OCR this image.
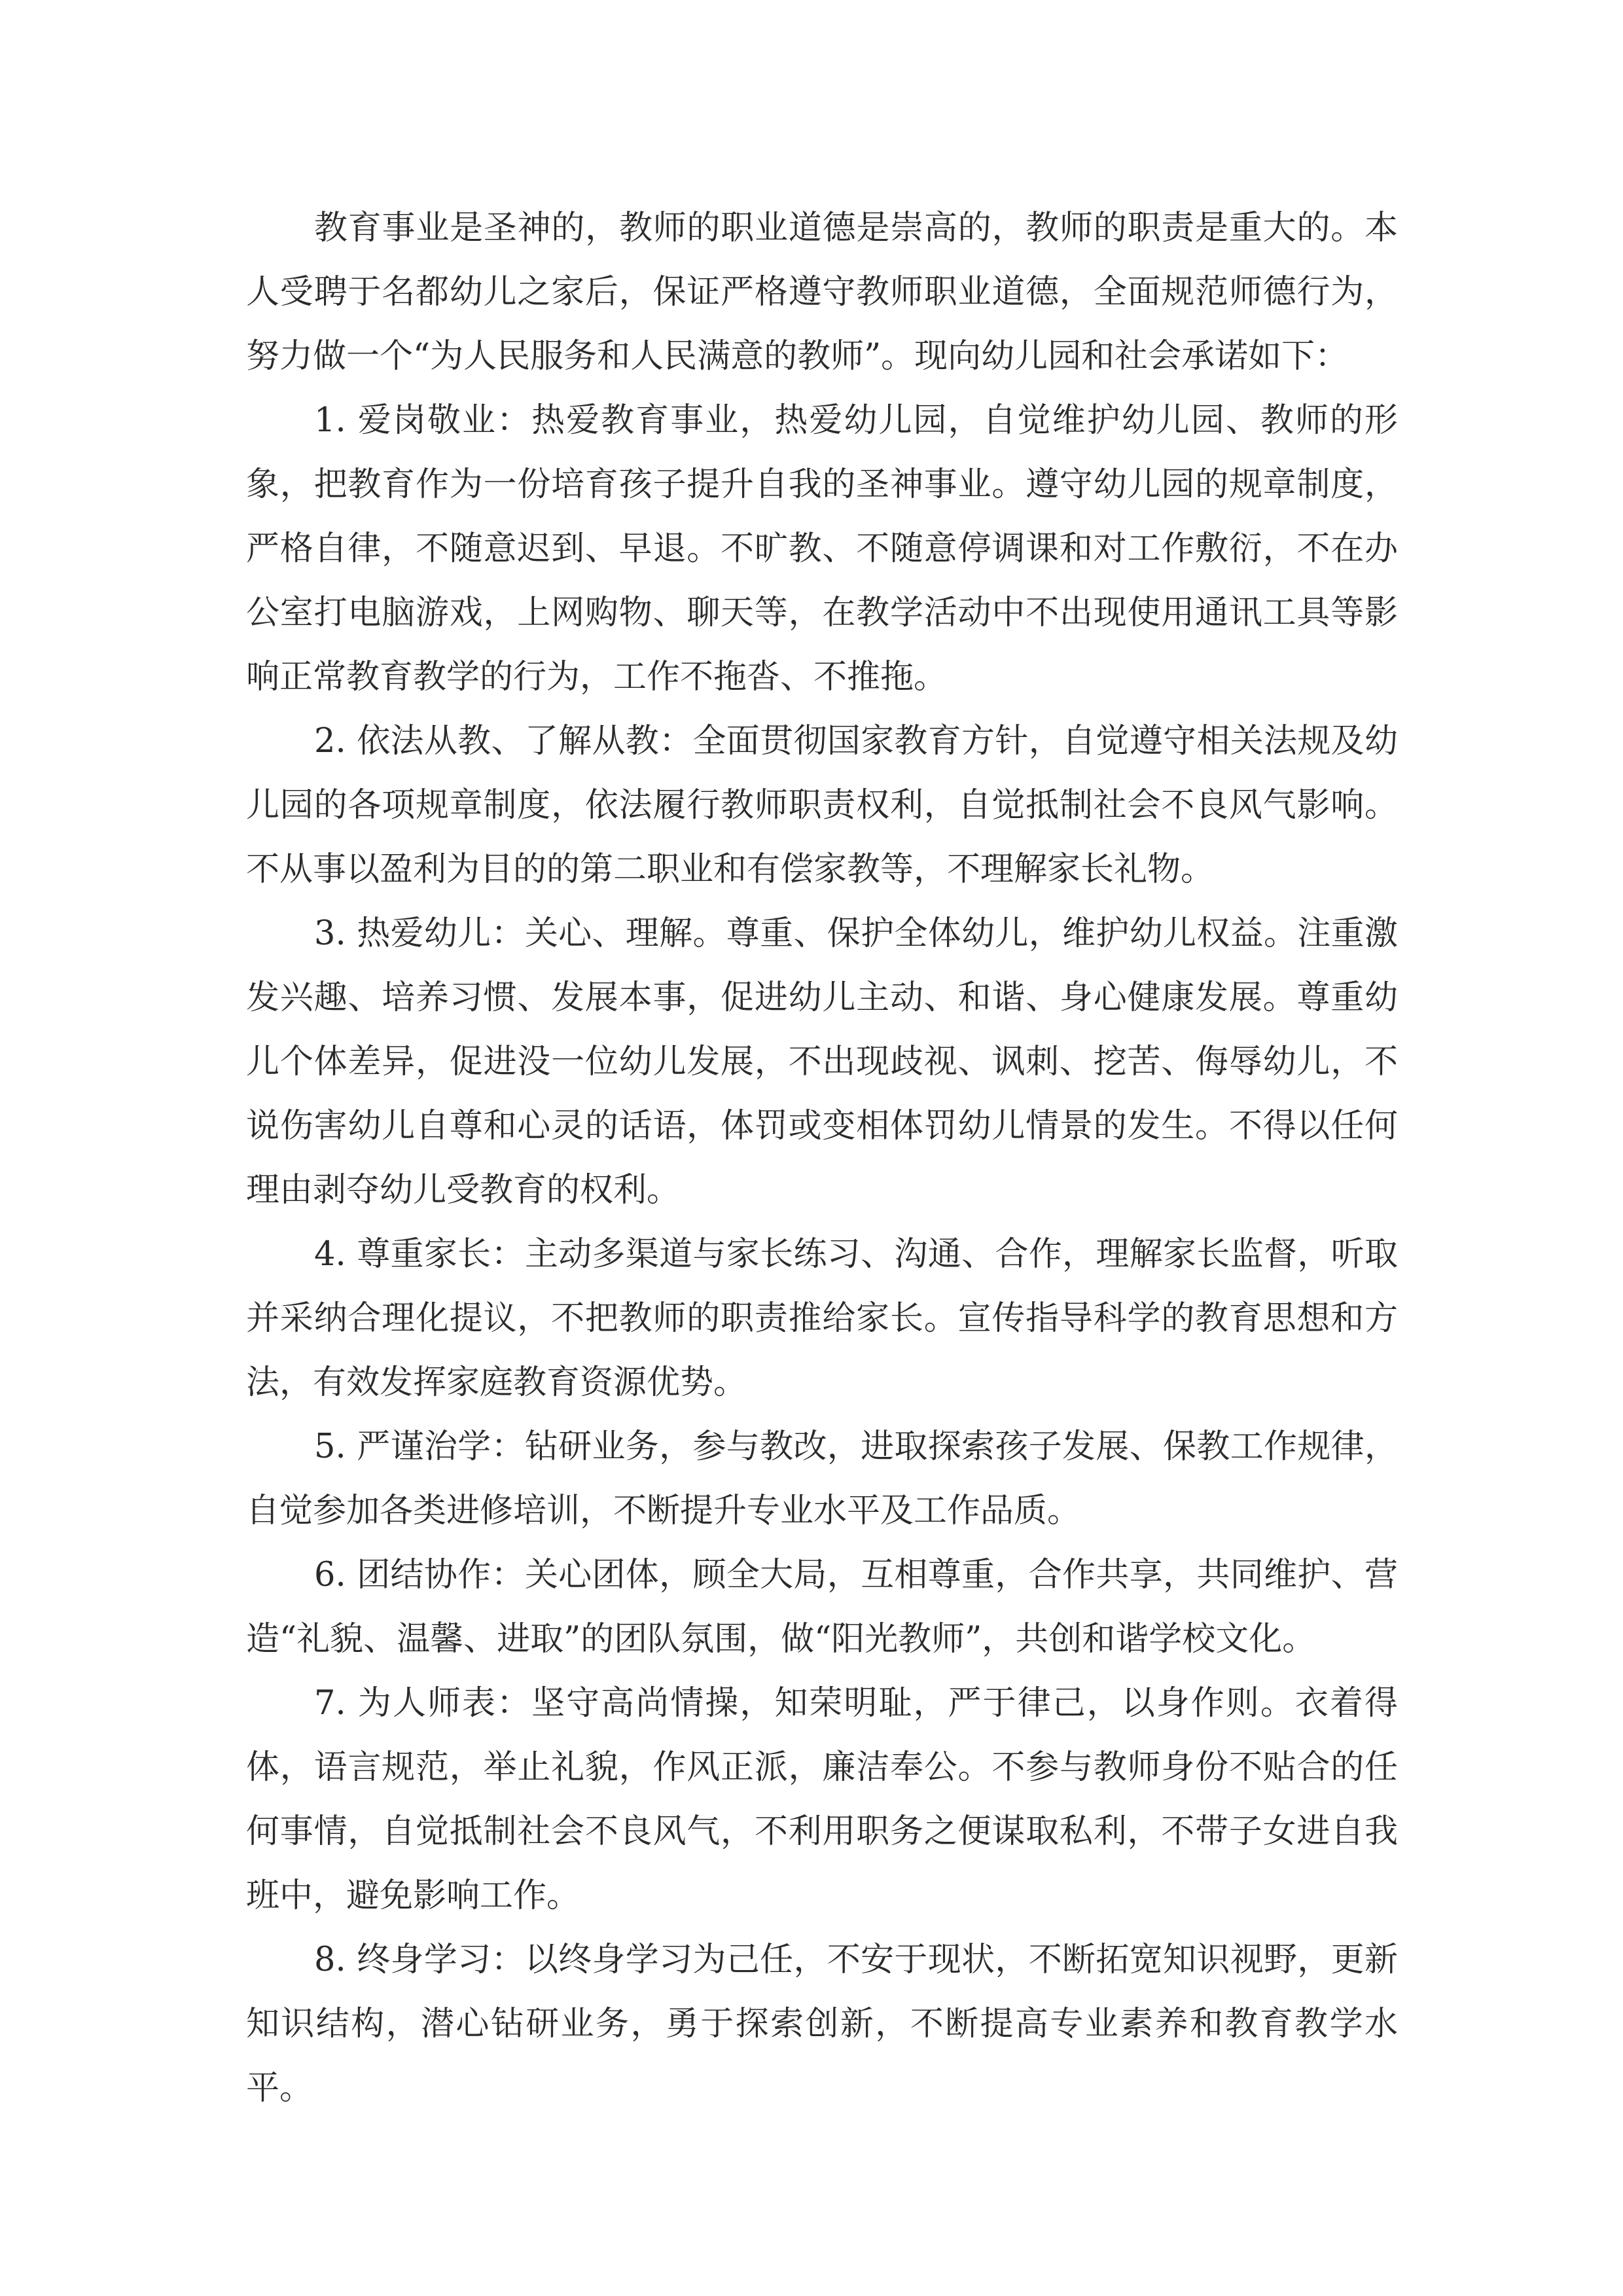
教育事业是圣神的，教师的职业道德是崇高的，教师的职责是重大的。本人受聘于名都幼儿之家后，保证严格遵守教师职业道德，全面规范师德行为，努力做一个“为人民服务和人民满意的教师”。现向幼儿园和社会承诺如下：

1. 爱岗敬业：热爱教育事业，热爱幼儿园，自觉维护幼儿园、教师的形象，把教育作为一份培育孩子提升自我的圣神事业。遵守幼儿园的规章制度，严格自律，不随意迟到、早退。不旷教、不随意停调课和对工作敷衍，不在办公室打电脑游戏，上网购物、聊天等，在教学活动中不出现使用通讯工具等影响正常教育教学的行为，工作不拖沓、不推拖。

2. 依法从教、了解从教：全面贯彻国家教育方针，自觉遵守相关法规及幼儿园的各项规章制度，依法履行教师职责权利，自觉抵制社会不良风气影响。不从事以盈利为目的的第二职业和有偿家教等，不理解家长礼物。

3. 热爱幼儿：关心、理解。尊重、保护全体幼儿，维护幼儿权益。注重激发兴趣、培养习惯、发展本事，促进幼儿主动、和谐、身心健康发展。尊重幼儿个体差异，促进没一位幼儿发展，不出现歧视、讽刺、挖苦、侮辱幼儿，不说伤害幼儿自尊和心灵的话语，体罚或变相体罚幼儿情景的发生。不得以任何理由剥夺幼儿受教育的权利。

4. 尊重家长：主动多渠道与家长练习、沟通、合作，理解家长监督，听取并采纳合理化提议，不把教师的职责推给家长。宣传指导科学的教育思想和方法，有效发挥家庭教育资源优势。

5. 严谨治学：钻研业务，参与教改，进取探索孩子发展、保教工作规律，自觉参加各类进修培训，不断提升专业水平及工作品质。

6. 团结协作：关心团体，顾全大局，互相尊重，合作共享，共同维护、营造“礼貌、温馨、进取”的团队氛围，做“阳光教师”，共创和谐学校文化。

7. 为人师表：坚守高尚情操，知荣明耻，严于律己，以身作则。衣着得体，语言规范，举止礼貌，作风正派，廉洁奉公。不参与教师身份不贴合的任何事情，自觉抵制社会不良风气，不利用职务之便谋取私利，不带子女进自我班中，避免影响工作。

8. 终身学习：以终身学习为己任，不安于现状，不断拓宽知识视野，更新知识结构，潜心钻研业务，勇于探索创新，不断提高专业素养和教育教学水平。
